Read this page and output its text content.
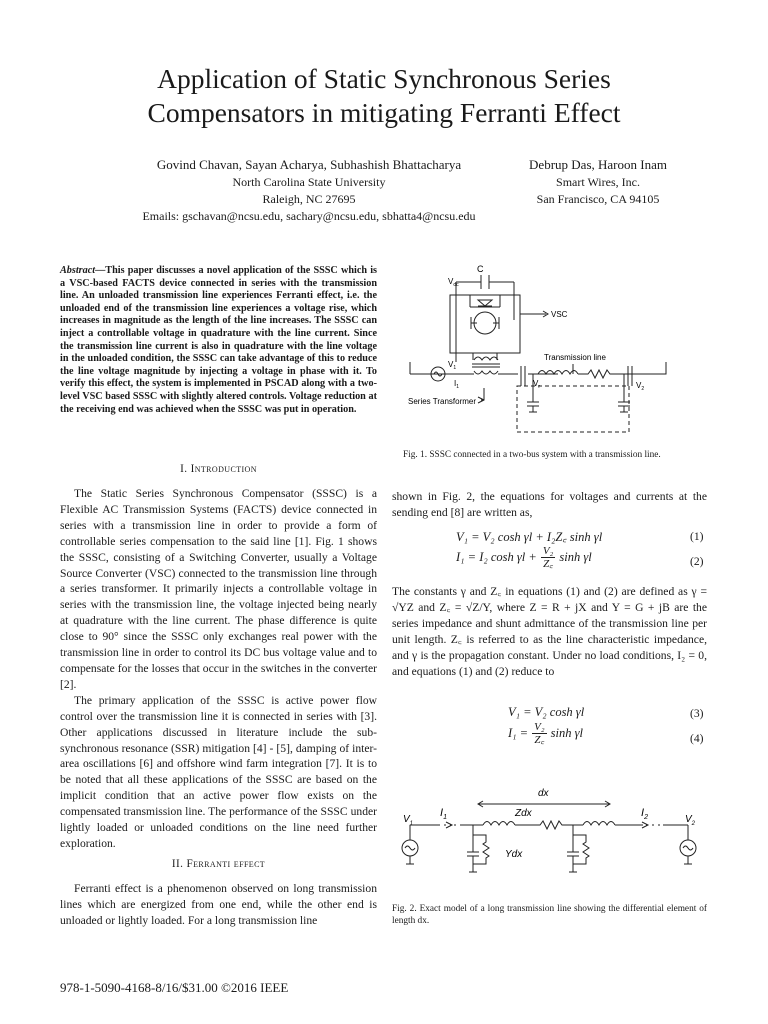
Application of Static Synchronous Series
Compensators in mitigating Ferranti Effect
Govind Chavan, Sayan Acharya, Subhashish Bhattacharya
North Carolina State University
Raleigh, NC 27695
Emails: gschavan@ncsu.edu, sachary@ncsu.edu, sbhatta4@ncsu.edu
Debrup Das, Haroon Inam
Smart Wires, Inc.
San Francisco, CA 94105
Abstract—This paper discusses a novel application of the SSSC which is a VSC-based FACTS device connected in series with the transmission line. An unloaded transmission line experiences Ferranti effect, i.e. the unloaded end of the transmission line experiences a voltage rise, which increases in magnitude as the length of the line increases. The SSSC can inject a controllable voltage in quadrature with the line current. Since the transmission line current is also in quadrature with the line voltage in the unloaded condition, the SSSC can take advantage of this to reduce the line voltage magnitude by injecting a voltage in phase with it. To verify this effect, the system is implemented in PSCAD along with a two-level VSC based SSSC with slightly altered controls. Voltage reduction at the receiving end was achieved when the SSSC was put in operation.
I. Introduction

The Static Series Synchronous Compensator (SSSC) is a Flexible AC Transmission Systems (FACTS) device connected in series with a transmission line in order to provide a form of controllable series compensation to the said line [1]. Fig. 1 shows the SSSC, consisting of a Switching Converter, usually a Voltage Source Converter (VSC) connected to the transmission line through a series transformer. It primarily injects a controllable voltage in series with the transmission line, the voltage injected being nearly at quadrature with the line current. The phase difference is quite close to 90° since the SSSC only exchanges real power with the transmission line in order to control its DC bus voltage value and to compensate for the losses that occur in the switches in the converter [2].

The primary application of the SSSC is active power flow control over the transmission line it is connected in series with [3]. Other applications discussed in literature include the sub-synchronous resonance (SSR) mitigation [4] - [5], damping of inter-area oscillations [6] and offshore wind farm integration [7]. It is to be noted that all these applications of the SSSC are based on the implicit condition that an active power flow exists on the compensated transmission line. The performance of the SSSC under lightly loaded or unloaded conditions on the line need further exploration.

II. Ferranti effect

Ferranti effect is a phenomenon observed on long transmission lines which are energized from one end, while the other end is unloaded or lightly loaded. For a long transmission line

978-1-5090-4168-8/16/$31.00 ©2016 IEEE
C
$V_{dc}$
VSC
$V_1$
$I_1$	$V_r$	$V_2$
Transmission line
Series Transformer
Fig. 1. SSSC connected in a two-bus system with a transmission line.
shown in Fig. 2, the equations for voltages and currents at the sending end [8] are written as,
V₁ = V₂ cosh γl + I₂Z꜀ sinh γl	(1)
I₁ = I₂ $\cosh \gamma l + \frac{\text{V₂}}{Z꜀}$ sinh γl	(2)
The constants γ and Z꜀ in equations (1) and (2) are defined as γ = √YZ and Z꜀ = √Z/Y, where Z = R + jX and Y = G + jB are the series impedance and shunt admittance of the transmission line per unit length. Z꜀ is referred to as the line characteristic impedance, and γ is the propagation constant. Under no load conditions, I₂ = 0, and equations (1) and (2) reduce to
V₁ = V₂ cosh γl	(3)
$I_1 = \frac{\text{V₂}}{Z꜀}$ sinh γl	(4)
dx
$I_1$	Zdx	$I_2$
$V_1$	$V_2$
Ydx
Fig. 2. Exact model of a long transmission line showing the differential element of length dx.
